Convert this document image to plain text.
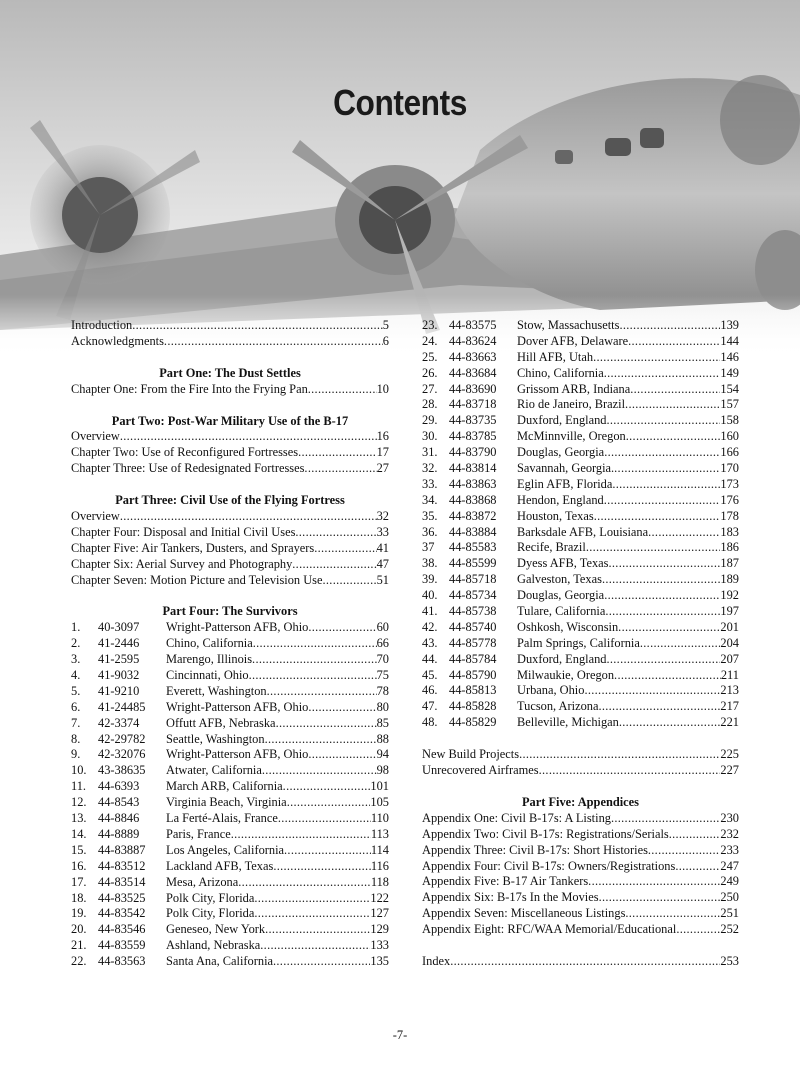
Contents
Introduction .....	5
Acknowledgments .....	6
Part One: The Dust Settles
Chapter One: From the Fire Into the Frying Pan .....	10
Part Two: Post-War Military Use of the B-17
Overview .....	16
Chapter Two: Use of Reconfigured Fortresses .....	17
Chapter Three: Use of Redesignated Fortresses .....	27
Part Three: Civil Use of the Flying Fortress
Overview .....	32
Chapter Four: Disposal and Initial Civil Uses .....	33
Chapter Five: Air Tankers, Dusters, and Sprayers .....	41
Chapter Six: Aerial Survey and Photography .....	47
Chapter Seven: Motion Picture and Television Use .....	51
Part Four: The Survivors
1.	40-3097	Wright-Patterson AFB, Ohio .....	60
2.	41-2446	Chino, California .....	66
3.	41-2595	Marengo, Illinois .....	70
4.	41-9032	Cincinnati, Ohio .....	75
5.	41-9210	Everett, Washington .....	78
6.	41-24485	Wright-Patterson AFB, Ohio .....	80
7.	42-3374	Offutt AFB, Nebraska .....	85
8.	42-29782	Seattle, Washington .....	88
9.	42-32076	Wright-Patterson AFB, Ohio .....	94
10. 43-38635	Atwater, California .....	98
11. 44-6393	March ARB, California .....	101
12. 44-8543	Virginia Beach, Virginia .....	105
13. 44-8846	La Ferté-Alais, France .....	110
14. 44-8889	Paris, France .....	113
15. 44-83887	Los Angeles, California .....	114
16. 44-83512	Lackland AFB, Texas .....	116
17. 44-83514	Mesa, Arizona .....	118
18. 44-83525	Polk City, Florida .....	122
19. 44-83542	Polk City, Florida .....	127
20. 44-83546	Geneseo, New York .....	129
21. 44-83559	Ashland, Nebraska .....	133
22. 44-83563	Santa Ana, California .....	135
23. 44-83575	Stow, Massachusetts .....	139
24. 44-83624	Dover AFB, Delaware .....	144
25. 44-83663	Hill AFB, Utah .....	146
26. 44-83684	Chino, California .....	149
27. 44-83690	Grissom ARB, Indiana .....	154
28. 44-83718	Rio de Janeiro, Brazil .....	157
29. 44-83735	Duxford, England .....	158
30. 44-83785	McMinnville, Oregon .....	160
31. 44-83790	Douglas, Georgia .....	166
32. 44-83814	Savannah, Georgia. .....	170
33. 44-83863	Eglin AFB, Florida .....	173
34. 44-83868	Hendon, England .....	176
35. 44-83872	Houston, Texas .....	178
36. 44-83884	Barksdale AFB, Louisiana .....	183
37	44-85583	Recife, Brazil .....	186
38. 44-85599	Dyess AFB, Texas .....	187
39. 44-85718	Galveston, Texas .....	189
40. 44-85734	Douglas, Georgia .....	192
41. 44-85738	Tulare, California .....	197
42. 44-85740	Oshkosh, Wisconsin .....	201
43. 44-85778	Palm Springs, California .....	204
44. 44-85784	Duxford, England .....	207
45. 44-85790	Milwaukie, Oregon .....	211
46. 44-85813	Urbana, Ohio .....	213
47. 44-85828	Tucson, Arizona .....	217
48. 44-85829	Belleville, Michigan .....	221
New Build Projects .....	225
Unrecovered Airframes .....	227
Part Five: Appendices
Appendix One: Civil B-17s: A Listing .....	230
Appendix Two: Civil B-17s: Registrations/Serials .....	232
Appendix Three: Civil B-17s: Short Histories .....	233
Appendix Four: Civil B-17s: Owners/Registrations .....	247
Appendix Five: B-17 Air Tankers .....	249
Appendix Six: B-17s In the Movies .....	250
Appendix Seven: Miscellaneous Listings .....	251
Appendix Eight: RFC/WAA Memorial/Educational .....	252
Index .....	253
-7-
